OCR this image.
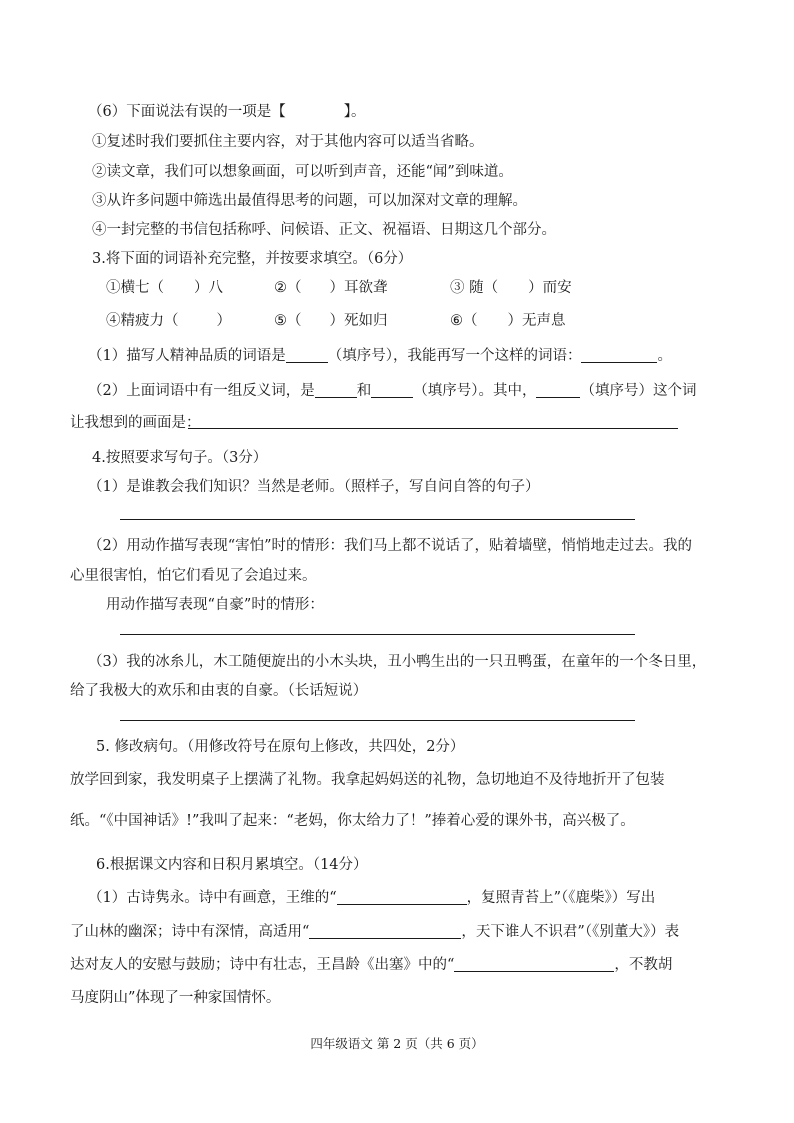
（6）下面说法有误的一项是【	】。
①复述时我们要抓住主要内容，对于其他内容可以适当省略。
②读文章，我们可以想象画面，可以听到声音，还能“闻”到味道。
③从许多问题中筛选出最值得思考的问题，可以加深对文章的理解。
④一封完整的书信包括称呼、问候语、正文、祝福语、日期这几个部分。
3.将下面的词语补充完整，并按要求填空。（6分）
①横七（ ）八	②（ ）耳欲聋	③ 随（ ）而安
④精疲力（	）	⑤（ ）死如归	⑥（ ）无声息
（1）描写人精神品质的词语是	（填序号），我能再写一个这样的词语：	。
（2）上面词语中有一组反义词，是	和	（填序号）。其中，	（填序号）这个词
让我想到的画面是：
4.按照要求写句子。（3分）
（1）是谁教会我们知识？当然是老师。（照样子，写自问自答的句子）
（2）用动作描写表现“害怕”时的情形：我们马上都不说话了，贴着墙壁，悄悄地走过去。我的
心里很害怕，怕它们看见了会追过来。
用动作描写表现“自豪”时的情形：
（3）我的冰糸儿，木工随便旋出的小木头块，丑小鸭生出的一只丑鸭蛋，在童年的一个冬日里，
给了我极大的欢乐和由衷的自豪。（长话短说）
5. 修改病句。（用修改符号在原句上修改，共四处，2分）
放学回到家，我发明桌子上摆满了礼物。我拿起妈妈送的礼物，急切地迫不及待地折开了包装
纸。“《中国神话》!”我叫了起来：“老妈，你太给力了！”捧着心爱的课外书，高兴极了。
6.根据课文内容和日积月累填空。（14分）
（1）古诗隽永。诗中有画意，王维的“	，复照青苔上”（《鹿柴》）写出
了山林的幽深；诗中有深情，高适用“	，天下谁人不识君”（《别董大》）表
达对友人的安慰与鼓励；诗中有壮志，王昌龄《出塞》中的“	，不教胡
马度阴山”体现了一种家国情怀。
四年级语文 第 2 页（共 6 页）
